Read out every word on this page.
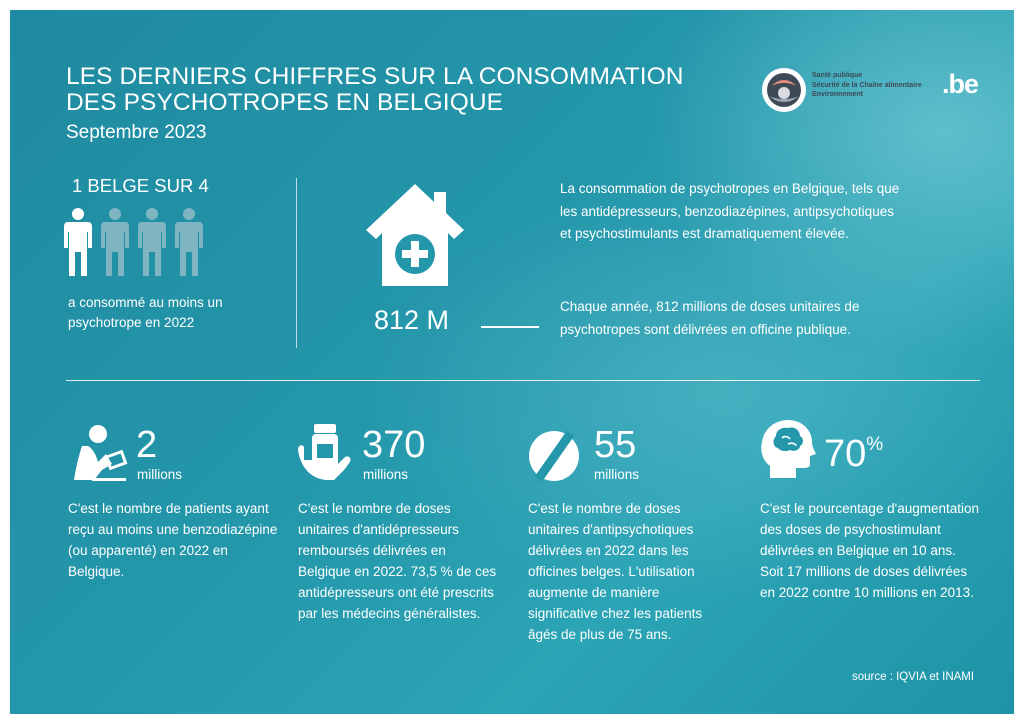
LES DERNIERS CHIFFRES SUR LA CONSOMMATION
DES PSYCHOTROPES EN BELGIQUE
Septembre 2023
Santé publique
Sécurité de la Chaîne alimentaire
Environnement	.be
1 BELGE SUR 4
a consommé au moins un psychotrope en 2022	812 M
La consommation de psychotropes en Belgique, tels que les antidépresseurs, benzodiazépines, antipsychotiques et psychostimulants est dramatiquement élevée.
Chaque année, 812 millions de doses unitaires de psychotropes sont délivrées en officine publique.
2
millions
C'est le nombre de patients ayant reçu au moins une benzodiazépine (ou apparenté) en 2022 en Belgique.
370
millions
C'est le nombre de doses unitaires d'antidépresseurs remboursés délivrées en Belgique en 2022. 73,5 % de ces antidépresseurs ont été prescrits par les médecins généralistes.
55
millions
C'est le nombre de doses unitaires d'antipsychotiques délivrées en 2022 dans les officines belges. L'utilisation augmente de manière significative chez les patients âgés de plus de 75 ans.
70%
C'est le pourcentage d'augmentation des doses de psychostimulant délivrées en Belgique en 10 ans. Soit 17 millions de doses délivrées en 2022 contre 10 millions en 2013.
source : IQVIA et INAMI
